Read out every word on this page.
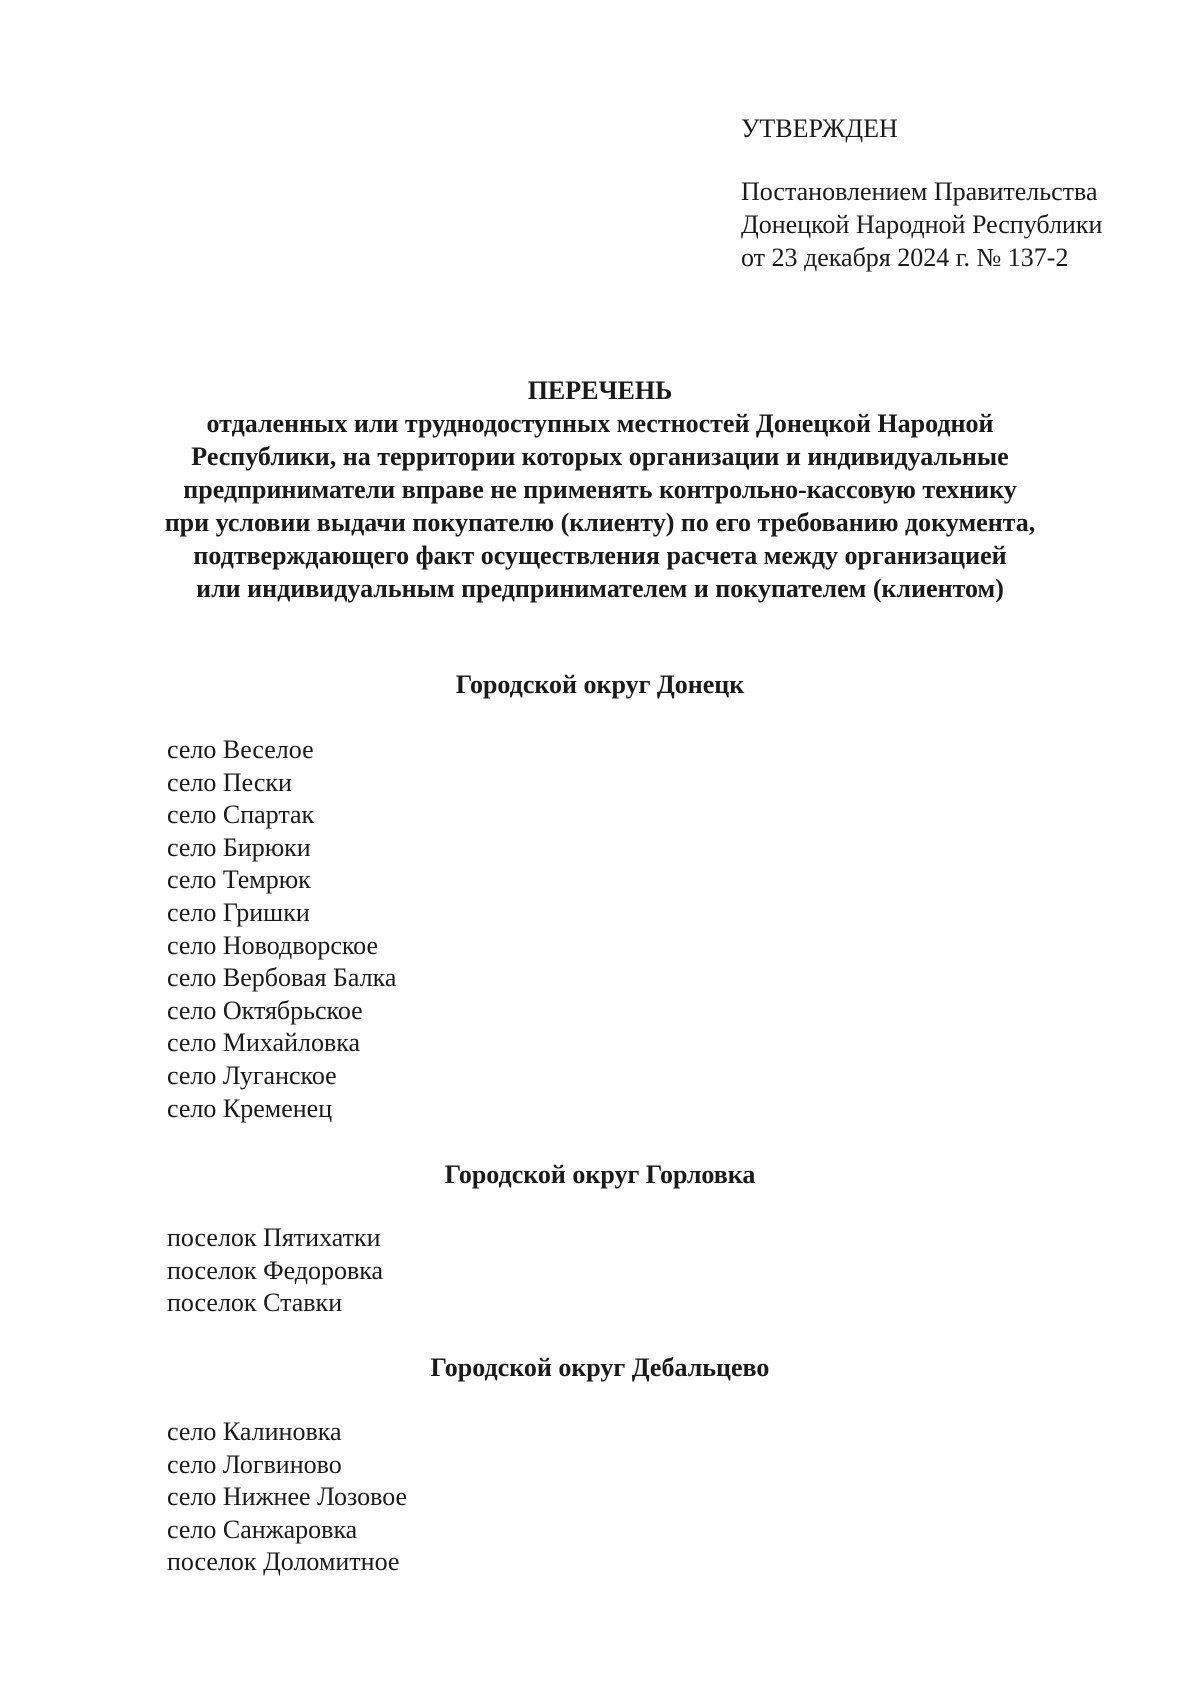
УТВЕРЖДЕН
Постановлением Правительства
Донецкой Народной Республики
от 23 декабря 2024 г. № 137-2
ПЕРЕЧЕНЬ
отдаленных или труднодоступных местностей Донецкой Народной
Республики, на территории которых организации и индивидуальные
предприниматели вправе не применять контрольно-кассовую технику
при условии выдачи покупателю (клиенту) по его требованию документа,
подтверждающего факт осуществления расчета между организацией
или индивидуальным предпринимателем и покупателем (клиентом)
Городской округ Донецк
село Веселое
село Пески
село Спартак
село Бирюки
село Темрюк
село Гришки
село Новодворское
село Вербовая Балка
село Октябрьское
село Михайловка
село Луганское
село Кременец
Городской округ Горловка
поселок Пятихатки
поселок Федоровка
поселок Ставки
Городской округ Дебальцево
село Калиновка
село Логвиново
село Нижнее Лозовое
село Санжаровка
поселок Доломитное
